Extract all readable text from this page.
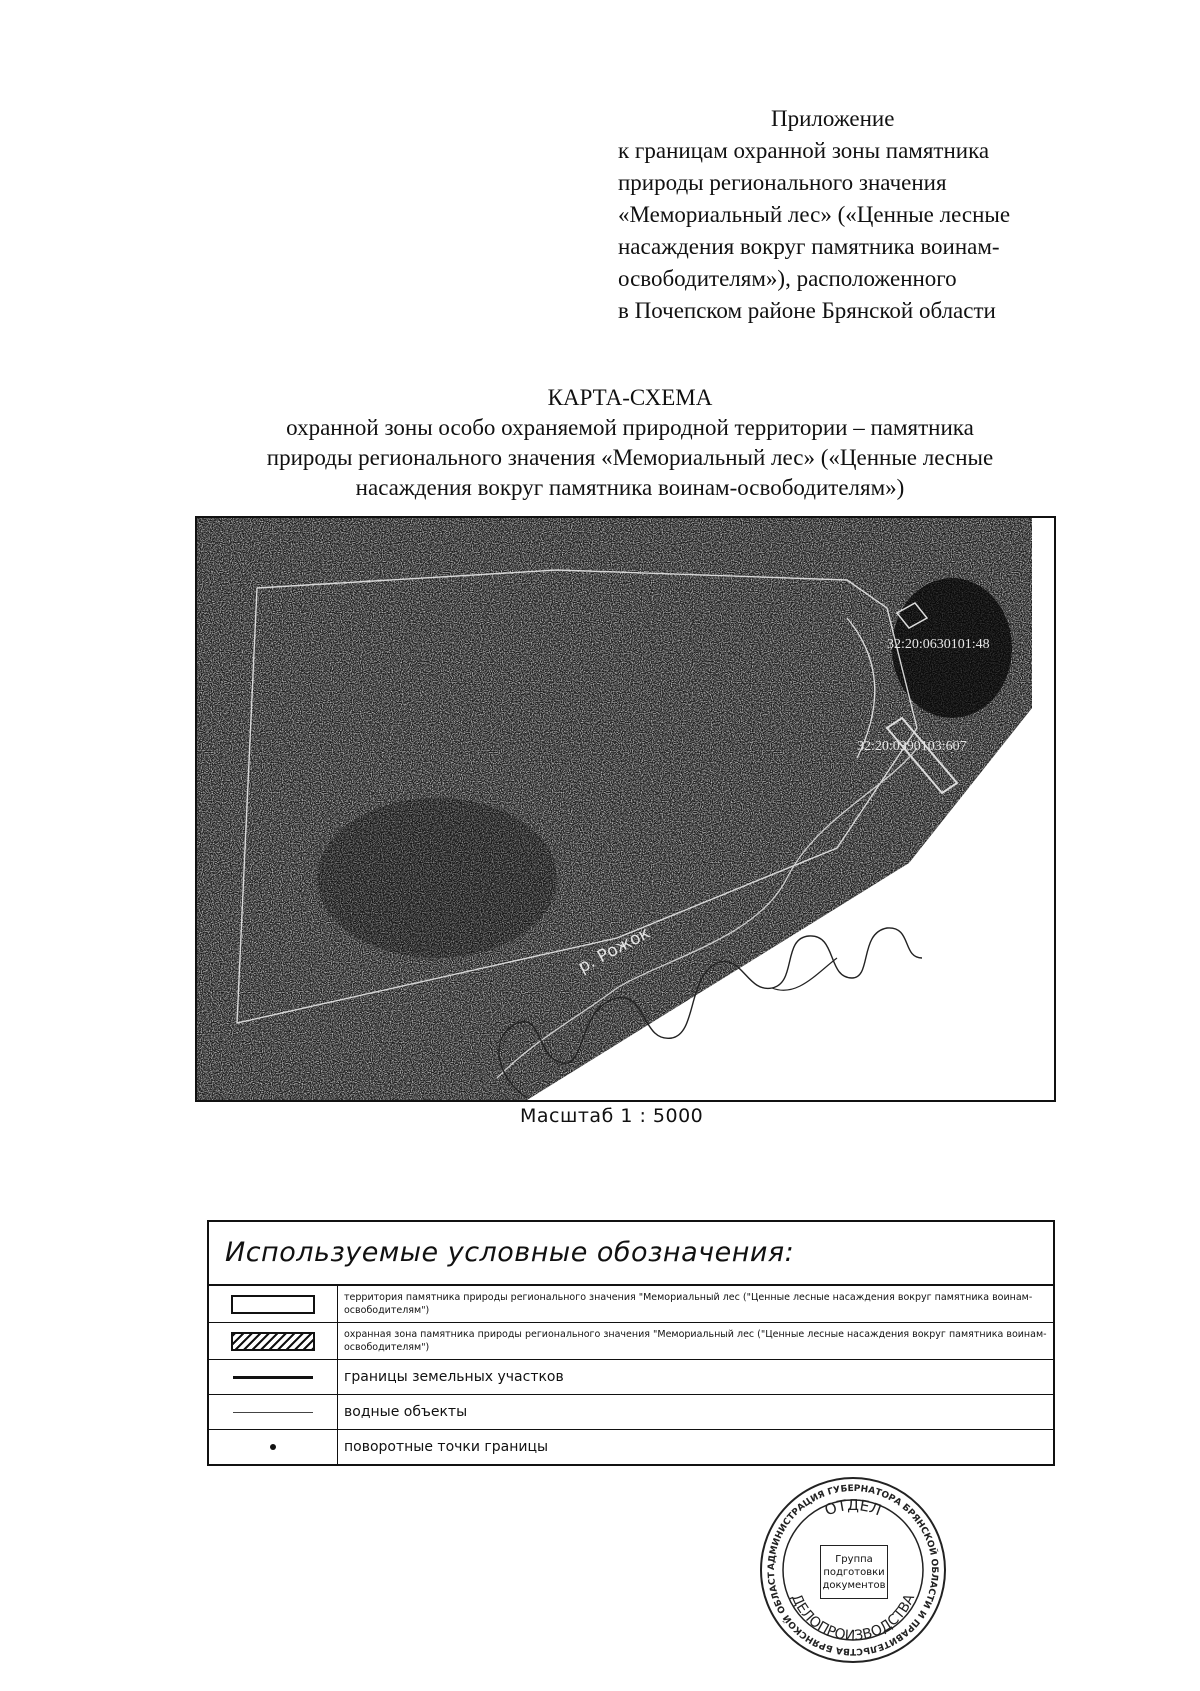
Приложение
к границам охранной зоны памятника
природы регионального значения
«Мемориальный лес» («Ценные лесные
насаждения вокруг памятника воинам-
освободителям»), расположенного
в Почепском районе Брянской области
КАРТА-СХЕМА
охранной зоны особо охраняемой природной территории – памятника
природы регионального значения «Мемориальный лес» («Ценные лесные
насаждения вокруг памятника воинам-освободителям»)
32:20:0630101:48
32:20:0390103:607
р. Рожок
Масштаб 1 : 5000
Используемые условные обозначения:
территория памятника природы регионального значения "Мемориальный лес ("Ценные лесные насаждения вокруг памятника воинам-освободителям")
охранная зона памятника природы регионального значения "Мемориальный лес ("Ценные лесные насаждения вокруг памятника воинам-освободителям")
границы земельных участков
водные объекты
поворотные точки границы
АДМИНИСТРАЦИЯ ГУБЕРНАТОРА БРЯНСКОЙ ОБЛАСТИ И ПРАВИТЕЛЬСТВА БРЯНСКОЙ ОБЛАСТ
ОТДЕЛ
ДЕЛОПРОИЗВОДСТВА
Группа
подготовки
документов
